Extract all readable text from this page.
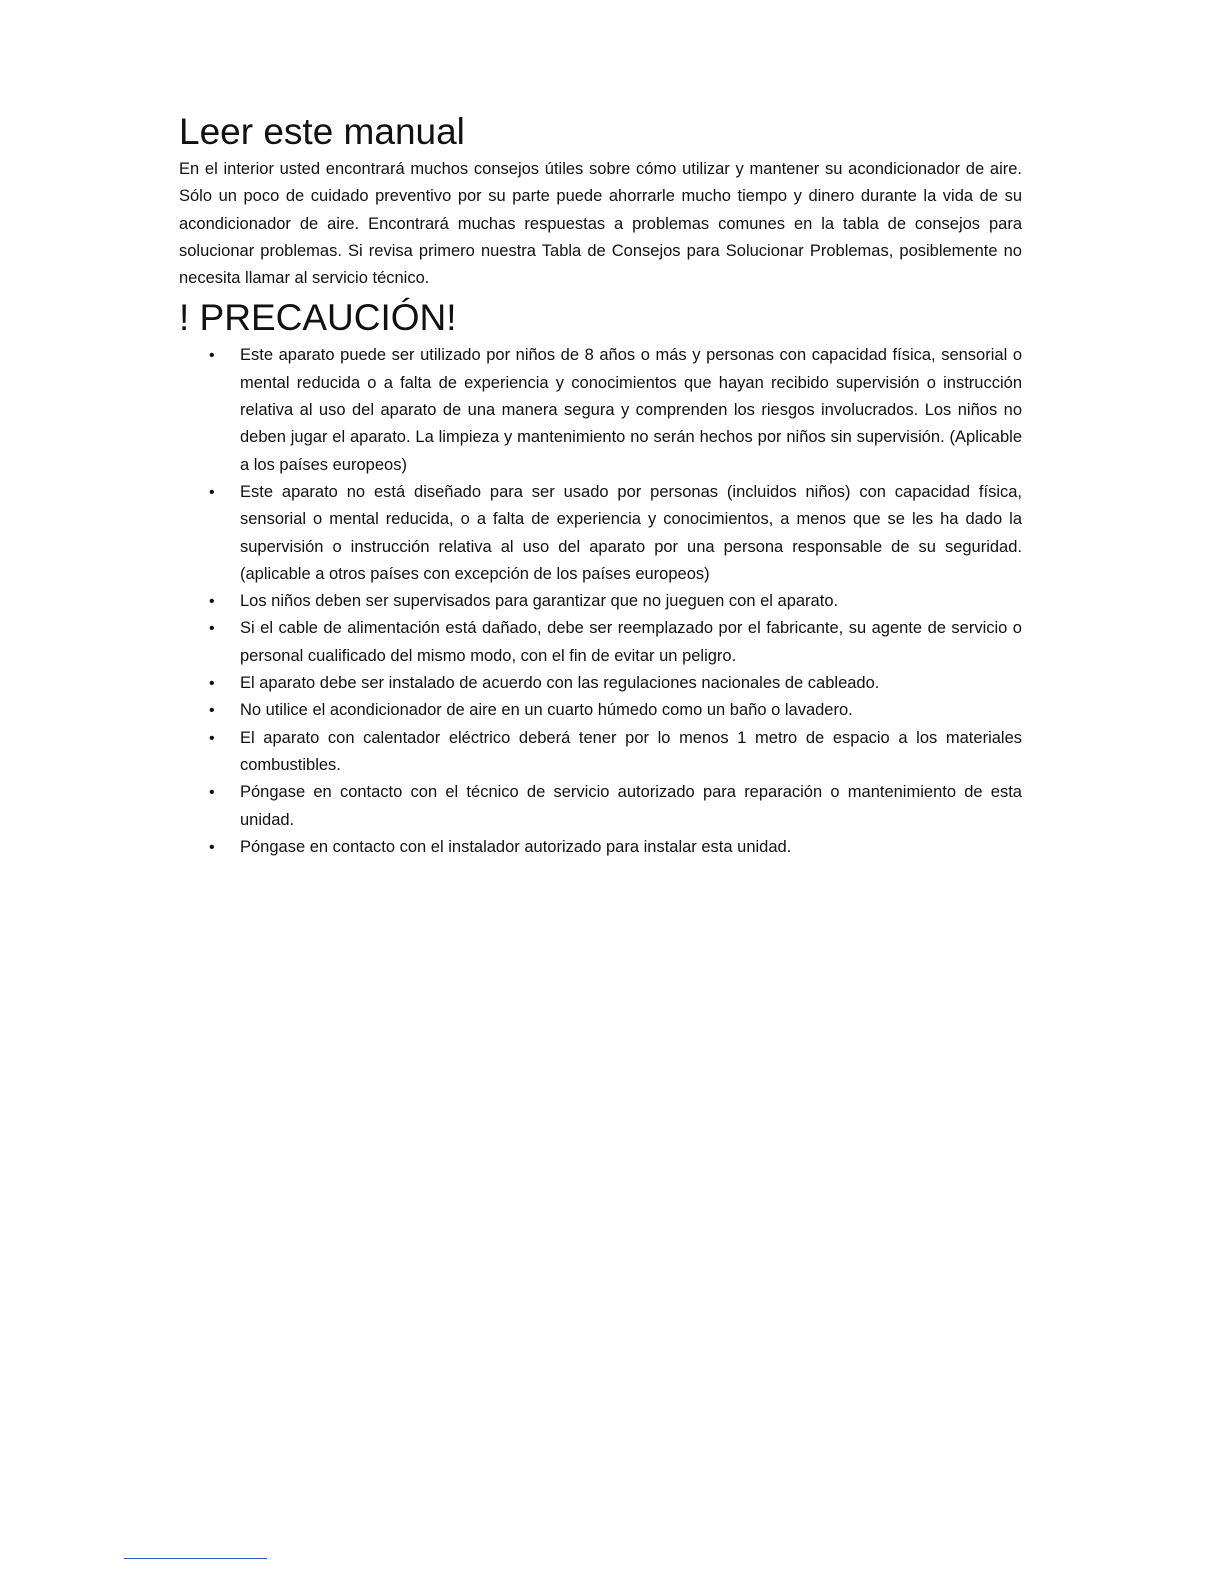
Leer este manual

En el interior usted encontrará muchos consejos útiles sobre cómo utilizar y mantener su acondicionador de aire. Sólo un poco de cuidado preventivo por su parte puede ahorrarle mucho tiempo y dinero durante la vida de su acondicionador de aire. Encontrará muchas respuestas a problemas comunes en la tabla de consejos para solucionar problemas. Si revisa primero nuestra Tabla de Consejos para Solucionar Problemas, posiblemente no necesita llamar al servicio técnico.

! PRECAUCIÓN!
• Este aparato puede ser utilizado por niños de 8 años o más y personas con capacidad física, sensorial o mental reducida o a falta de experiencia y conocimientos que hayan recibido supervisión o instrucción relativa al uso del aparato de una manera segura y comprenden los riesgos involucrados. Los niños no deben jugar el aparato. La limpieza y mantenimiento no serán hechos por niños sin supervisión. (Aplicable a los países europeos)
• Este aparato no está diseñado para ser usado por personas (incluidos niños) con capacidad física, sensorial o mental reducida, o a falta de experiencia y conocimientos, a menos que se les ha dado la supervisión o instrucción relativa al uso del aparato por una persona responsable de su seguridad. (aplicable a otros países con excepción de los países europeos)
• Los niños deben ser supervisados para garantizar que no jueguen con el aparato.
• Si el cable de alimentación está dañado, debe ser reemplazado por el fabricante, su agente de servicio o personal cualificado del mismo modo, con el fin de evitar un peligro.
• El aparato debe ser instalado de acuerdo con las regulaciones nacionales de cableado.
• No utilice el acondicionador de aire en un cuarto húmedo como un baño o lavadero.
• El aparato con calentador eléctrico deberá tener por lo menos 1 metro de espacio a los materiales combustibles.
• Póngase en contacto con el técnico de servicio autorizado para reparación o mantenimiento de esta unidad.
• Póngase en contacto con el instalador autorizado para instalar esta unidad.
